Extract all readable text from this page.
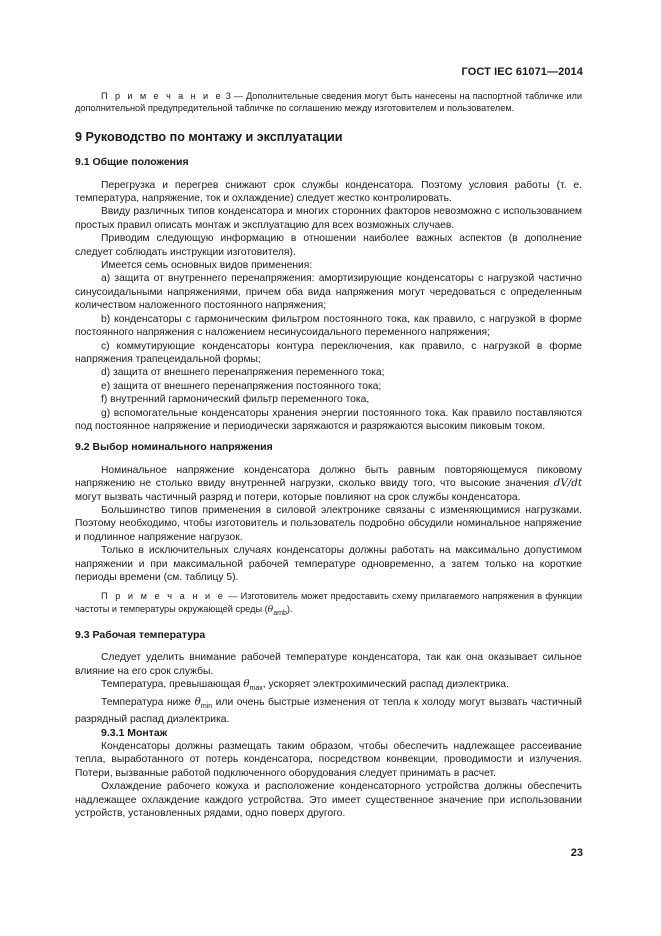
ГОСТ IEC 61071—2014

П р и м е ч а н и е 3 — Дополнительные сведения могут быть нанесены на паспортной табличке или дополнительной предупредительной табличке по соглашению между изготовителем и пользователем.

9 Руководство по монтажу и эксплуатации

9.1 Общие положения

Перегрузка и перегрев снижают срок службы конденсатора. Поэтому условия работы (т. е. температура, напряжение, ток и охлаждение) следует жестко контролировать.

Ввиду различных типов конденсатора и многих сторонних факторов невозможно с использованием простых правил описать монтаж и эксплуатацию для всех возможных случаев.

Приводим следующую информацию в отношении наиболее важных аспектов (в дополнение следует соблюдать инструкции изготовителя).

Имеется семь основных видов применения:

а) защита от внутреннего перенапряжения: амортизирующие конденсаторы с нагрузкой частично синусоидальными напряжениями, причем оба вида напряжения могут чередоваться с определенным количеством наложенного постоянного напряжения;

b) конденсаторы с гармоническим фильтром постоянного тока, как правило, с нагрузкой в форме постоянного напряжения с наложением несинусоидального переменного напряжения;

с) коммутирующие конденсаторы контура переключения, как правило, с нагрузкой в форме напряжения трапецеидальной формы;

d) защита от внешнего перенапряжения переменного тока;

е) защита от внешнего перенапряжения постоянного тока;

f) внутренний гармонический фильтр переменного тока,

g) вспомогательные конденсаторы хранения энергии постоянного тока. Как правило поставляются под постоянное напряжение и периодически заряжаются и разряжаются высоким пиковым током.

9.2 Выбор номинального напряжения

Номинальное напряжение конденсатора должно быть равным повторяющемуся пиковому напряжению не столько ввиду внутренней нагрузки, сколько ввиду того, что высокие значения dV/dt могут вызвать частичный разряд и потери, которые повлияют на срок службы конденсатора.

Большинство типов применения в силовой электронике связаны с изменяющимися нагрузками. Поэтому необходимо, чтобы изготовитель и пользователь подробно обсудили номинальное напряжение и подлинное напряжение нагрузок.

Только в исключительных случаях конденсаторы должны работать на максимально допустимом напряжении и при максимальной рабочей температуре одновременно, а затем только на короткие периоды времени (см. таблицу 5).

П р и м е ч а н и е — Изготовитель может предоставить схему прилагаемого напряжения в функции частоты и температуры окружающей среды $(\theta_{amb})$.

9.3 Рабочая температура

Следует уделить внимание рабочей температуре конденсатора, так как она оказывает сильное влияние на его срок службы.

Температура, превышающая $\theta_{max}$, ускоряет электрохимический распад диэлектрика.

Температура ниже $\theta_{min}$ или очень быстрые изменения от тепла к холоду могут вызвать частичный разрядный распад диэлектрика.

9.3.1 Монтаж

Конденсаторы должны размещать таким образом, чтобы обеспечить надлежащее рассеивание тепла, выработанного от потерь конденсатора, посредством конвекции, проводимости и излучения. Потери, вызванные работой подключенного оборудования следует принимать в расчет.

Охлаждение рабочего кожуха и расположение конденсаторного устройства должны обеспечить надлежащее охлаждение каждого устройства. Это имеет существенное значение при использовании устройств, установленных рядами, одно поверх другого.

23
